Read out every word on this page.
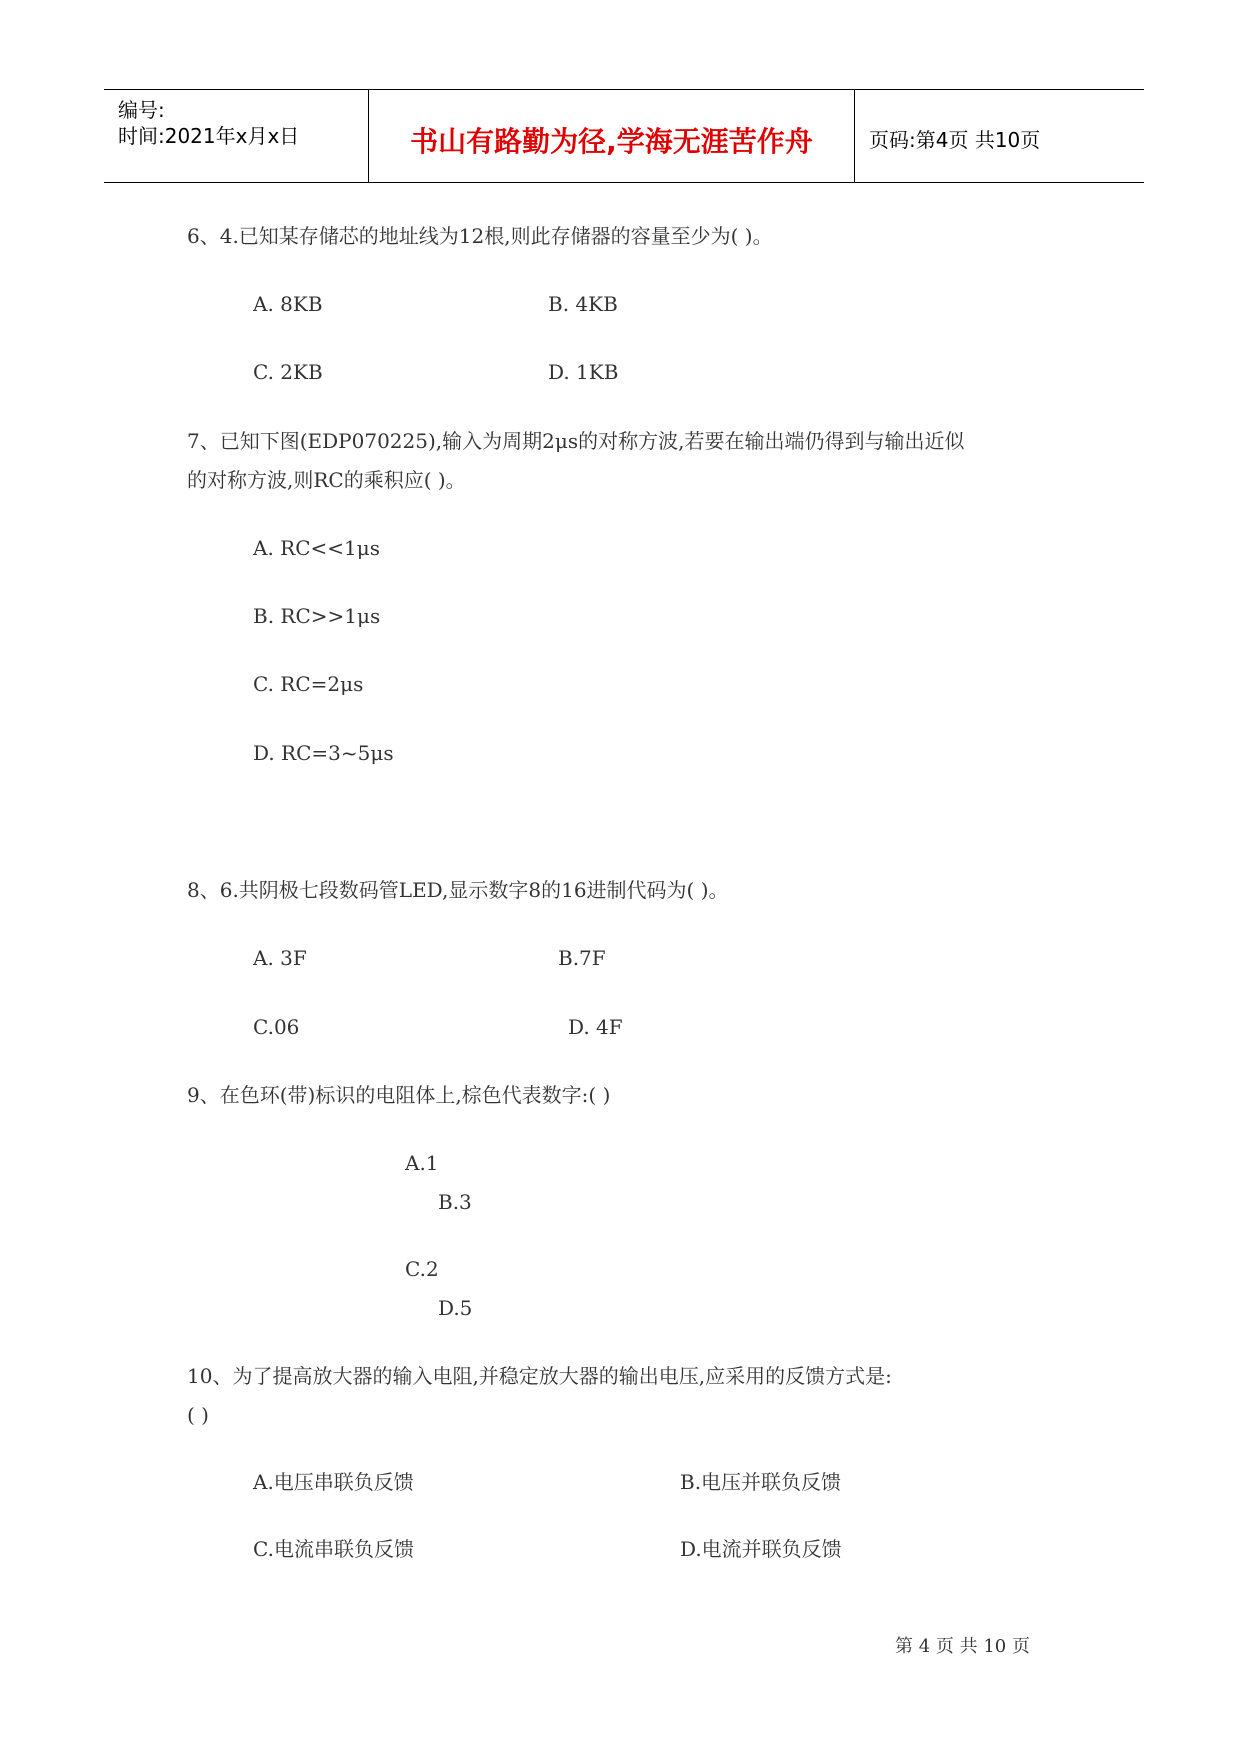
编号:
时间:2021年x月x日	书山有路勤为径,学海无涯苦作舟	页码:第4页 共10页
6、4.已知某存储芯的地址线为12根,则此存储器的容量至少为( )。
A. 8KB	B. 4KB
C. 2KB	D. 1KB
7、已知下图(EDP070225),输入为周期2μs的对称方波,若要在输出端仍得到与输出近似
的对称方波,则RC的乘积应( )。
A. RC<<1μs
B. RC>>1μs
C. RC=2μs
D. RC=3~5μs
8、6.共阴极七段数码管LED,显示数字8的16进制代码为( )。
A. 3F	B.7F
C.06	D. 4F
9、在色环(带)标识的电阻体上,棕色代表数字:( )
A.1
B.3
C.2
D.5
10、为了提高放大器的输入电阻,并稳定放大器的输出电压,应采用的反馈方式是:
( )
A.电压串联负反馈	B.电压并联负反馈
C.电流串联负反馈	D.电流并联负反馈
第 4 页 共 10 页
